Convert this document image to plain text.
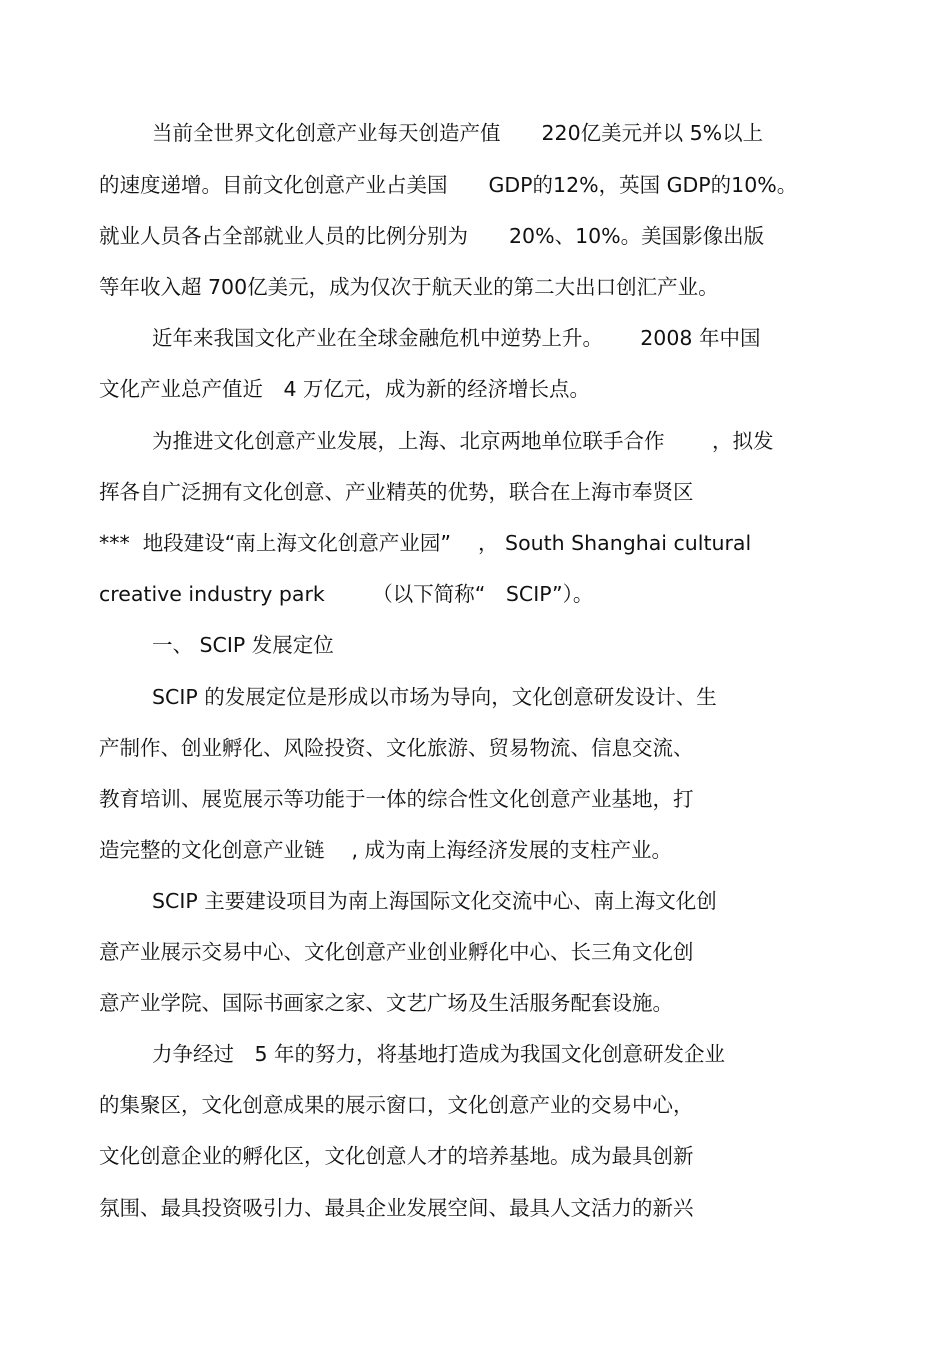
当前全世界文化创意产业每天创造产值　　220亿美元并以 5%以上
的速度递增。目前文化创意产业占美国　　GDP的12%，英国 GDP的10%。
就业人员各占全部就业人员的比例分别为　　20%、10%。美国影像出版
等年收入超 700亿美元，成为仅次于航天业的第二大出口创汇产业。
近年来我国文化产业在全球金融危机中逆势上升。　　 2008 年中国
文化产业总产值近　4 万亿元，成为新的经济增长点。
为推进文化创意产业发展，上海、北京两地单位联手合作　　 ，拟发
挥各自广泛拥有文化创意、产业精英的优势，联合在上海市奉贤区
***  地段建设“南上海文化创意产业园”　 ， South Shanghai cultural
creative industry park　　 （以下简称“　SCIP”）。
一、 SCIP 发展定位
SCIP 的发展定位是形成以市场为导向，文化创意研发设计、生
产制作、创业孵化、风险投资、文化旅游、贸易物流、信息交流、
教育培训、展览展示等功能于一体的综合性文化创意产业基地，打
造完整的文化创意产业链　 , 成为南上海经济发展的支柱产业。
SCIP 主要建设项目为南上海国际文化交流中心、南上海文化创
意产业展示交易中心、文化创意产业创业孵化中心、长三角文化创
意产业学院、国际书画家之家、文艺广场及生活服务配套设施。
力争经过　5 年的努力，将基地打造成为我国文化创意研发企业
的集聚区，文化创意成果的展示窗口，文化创意产业的交易中心，
文化创意企业的孵化区，文化创意人才的培养基地。成为最具创新
氛围、最具投资吸引力、最具企业发展空间、最具人文活力的新兴
